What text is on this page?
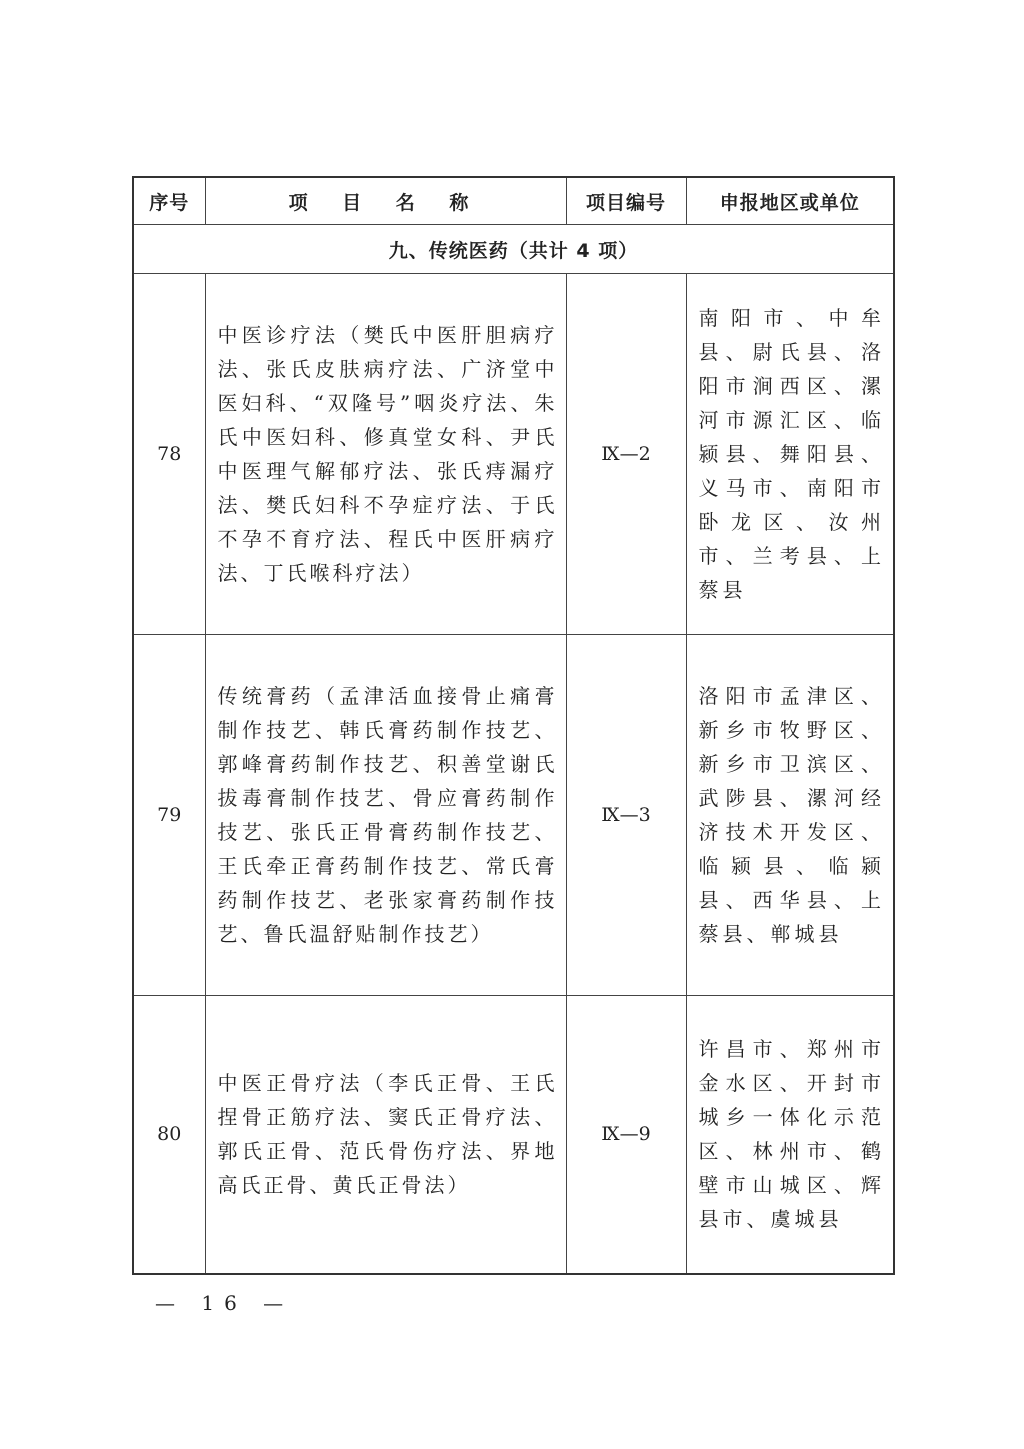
序号	项 目 名 称	项目编号	申报地区或单位
九、传统医药（共计 4 项）			
78	中医诊疗法（樊氏中医肝胆病疗法、张氏皮肤病疗法、广济堂中医妇科、“双隆号”咽炎疗法、朱氏中医妇科、修真堂女科、尹氏中医理气解郁疗法、张氏痔漏疗法、樊氏妇科不孕症疗法、于氏不孕不育疗法、程氏中医肝病疗法、丁氏喉科疗法）	Ⅸ—2	南阳市、中牟县、尉氏县、洛阳市涧西区、漯河市源汇区、临颍县、舞阳县、义马市、南阳市卧龙区、汝州市、兰考县、上蔡县
79	传统膏药（孟津活血接骨止痛膏制作技艺、韩氏膏药制作技艺、郭峰膏药制作技艺、积善堂谢氏拔毒膏制作技艺、骨应膏药制作技艺、张氏正骨膏药制作技艺、王氏牵正膏药制作技艺、常氏膏药制作技艺、老张家膏药制作技艺、鲁氏温舒贴制作技艺）	Ⅸ—3	洛阳市孟津区、新乡市牧野区、新乡市卫滨区、武陟县、漯河经济技术开发区、临颍县、临颍县、西华县、上蔡县、郸城县
80	中医正骨疗法（李氏正骨、王氏捏骨正筋疗法、窦氏正骨疗法、郭氏正骨、范氏骨伤疗法、界地高氏正骨、黄氏正骨法）	Ⅸ—9	许昌市、郑州市金水区、开封市城乡一体化示范区、林州市、鹤壁市山城区、辉县市、虞城县
— 16 —
